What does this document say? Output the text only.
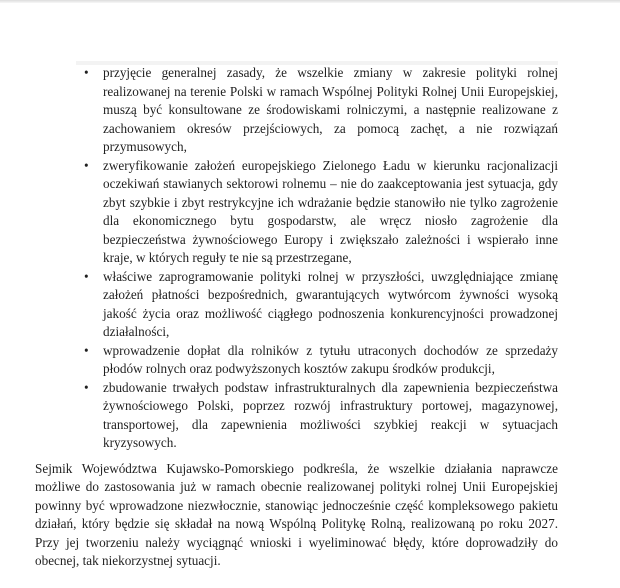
• przyjęcie generalnej zasady, że wszelkie zmiany w zakresie polityki rolnej realizowanej na terenie Polski w ramach Wspólnej Polityki Rolnej Unii Europejskiej, muszą być konsultowane ze środowiskami rolniczymi, a następnie realizowane z zachowaniem okresów przejściowych, za pomocą zachęt, a nie rozwiązań przymusowych,
• zweryfikowanie założeń europejskiego Zielonego Ładu w kierunku racjonalizacji oczekiwań stawianych sektorowi rolnemu – nie do zaakceptowania jest sytuacja, gdy zbyt szybkie i zbyt restrykcyjne ich wdrażanie będzie stanowiło nie tylko zagrożenie dla ekonomicznego bytu gospodarstw, ale wręcz niosło zagrożenie dla bezpieczeństwa żywnościowego Europy i zwiększało zależności i wspierało inne kraje, w których reguły te nie są przestrzegane,
• właściwe zaprogramowanie polityki rolnej w przyszłości, uwzględniające zmianę założeń płatności bezpośrednich, gwarantujących wytwórcom żywności wysoką jakość życia oraz możliwość ciągłego podnoszenia konkurencyjności prowadzonej działalności,
• wprowadzenie dopłat dla rolników z tytułu utraconych dochodów ze sprzedaży płodów rolnych oraz podwyższonych kosztów zakupu środków produkcji,
• zbudowanie trwałych podstaw infrastrukturalnych dla zapewnienia bezpieczeństwa żywnościowego Polski, poprzez rozwój infrastruktury portowej, magazynowej, transportowej, dla zapewnienia możliwości szybkiej reakcji w sytuacjach kryzysowych.

Sejmik Województwa Kujawsko-Pomorskiego podkreśla, że wszelkie działania naprawcze możliwe do zastosowania już w ramach obecnie realizowanej polityki rolnej Unii Europejskiej powinny być wprowadzone niezwłocznie, stanowiąc jednocześnie część kompleksowego pakietu działań, który będzie się składał na nową Wspólną Politykę Rolną, realizowaną po roku 2027. Przy jej tworzeniu należy wyciągnąć wnioski i wyeliminować błędy, które doprowadziły do obecnej, tak niekorzystnej sytuacji.
